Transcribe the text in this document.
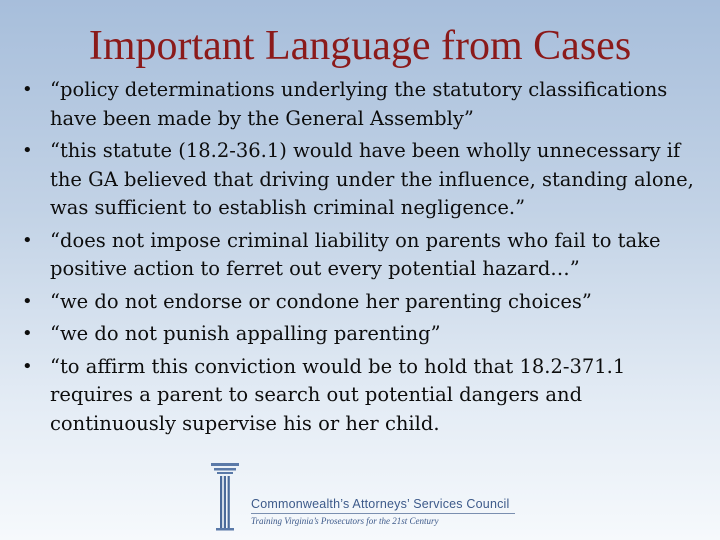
Important Language from Cases
• “policy determinations underlying the statutory classifications have been made by the General Assembly”
• “this statute (18.2-36.1) would have been wholly unnecessary if the GA believed that driving under the influence, standing alone, was sufficient to establish criminal negligence.”
• “does not impose criminal liability on parents who fail to take positive action to ferret out every potential hazard…”
• “we do not endorse or condone her parenting choices”
• “we do not punish appalling parenting”
• “to affirm this conviction would be to hold that 18.2-371.1 requires a parent to search out potential dangers and continuously supervise his or her child.
Commonwealth’s Attorneys’ Services Council
Training Virginia’s Prosecutors for the 21st Century
